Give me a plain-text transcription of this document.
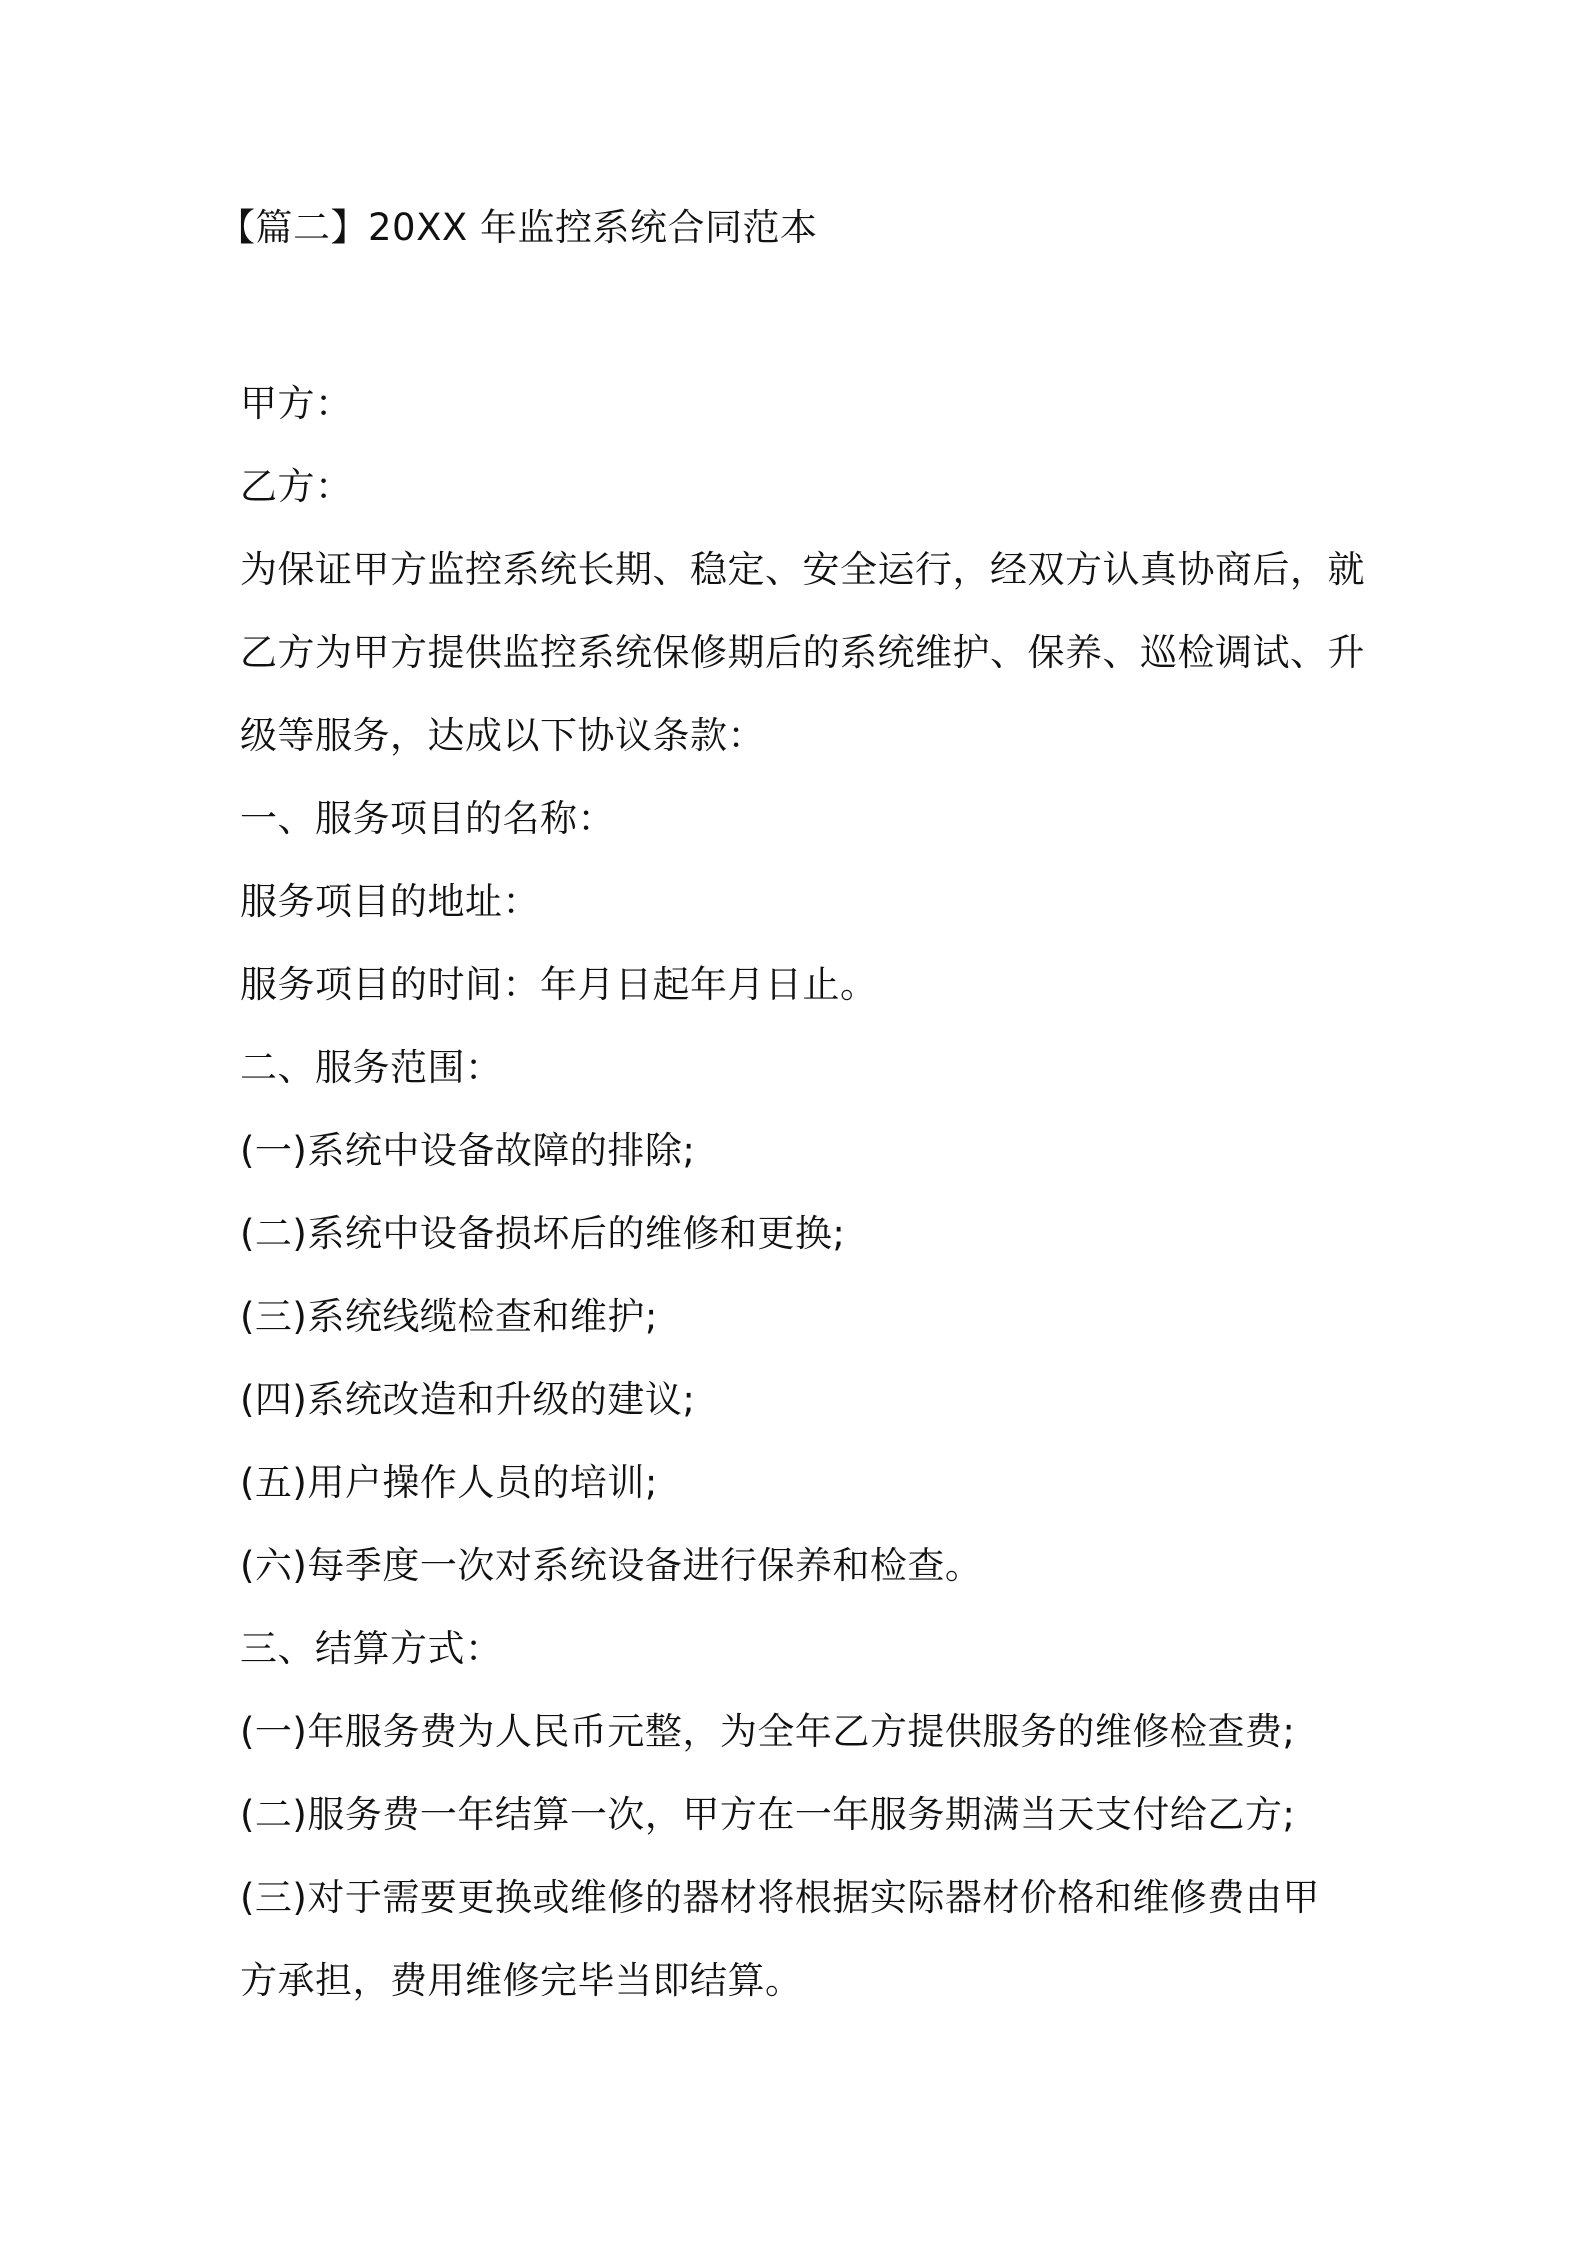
【篇二】20XX 年监控系统合同范本

甲方：

乙方：

为保证甲方监控系统长期、稳定、安全运行，经双方认真协商后，就

乙方为甲方提供监控系统保修期后的系统维护、保养、巡检调试、升

级等服务，达成以下协议条款：

一、服务项目的名称：

服务项目的地址：

服务项目的时间：年月日起年月日止。

二、服务范围：

(一)系统中设备故障的排除;

(二)系统中设备损坏后的维修和更换;

(三)系统线缆检查和维护;

(四)系统改造和升级的建议;

(五)用户操作人员的培训;

(六)每季度一次对系统设备进行保养和检查。

三、结算方式：

(一)年服务费为人民币元整，为全年乙方提供服务的维修检查费;

(二)服务费一年结算一次，甲方在一年服务期满当天支付给乙方;

(三)对于需要更换或维修的器材将根据实际器材价格和维修费由甲

方承担，费用维修完毕当即结算。
